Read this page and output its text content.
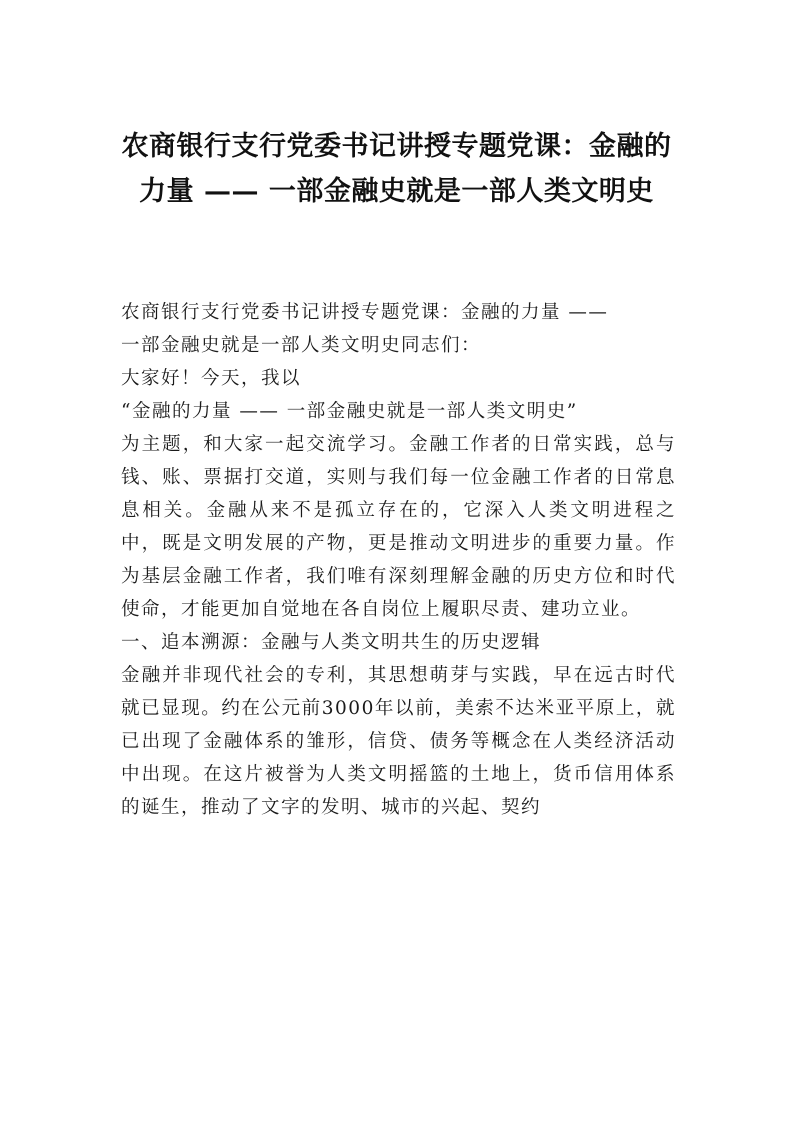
农商银行支行党委书记讲授专题党课：金融的力量 —— 一部金融史就是一部人类文明史

农商银行支行党委书记讲授专题党课：金融的力量 ——

一部金融史就是一部人类文明史同志们：

大家好！今天，我以

“金融的力量 —— 一部金融史就是一部人类文明史”

为主题，和大家一起交流学习。金融工作者的日常实践，总与钱、账、票据打交道，实则与我们每一位金融工作者的日常息息相关。金融从来不是孤立存在的，它深入人类文明进程之中，既是文明发展的产物，更是推动文明进步的重要力量。作为基层金融工作者，我们唯有深刻理解金融的历史方位和时代使命，才能更加自觉地在各自岗位上履职尽责、建功立业。

一、追本溯源：金融与人类文明共生的历史逻辑

金融并非现代社会的专利，其思想萌芽与实践，早在远古时代就已显现。约在公元前3000年以前，美索不达米亚平原上，就已出现了金融体系的雏形，信贷、债务等概念在人类经济活动中出现。在这片被誉为人类文明摇篮的土地上，货币信用体系的诞生，推动了文字的发明、城市的兴起、契约
